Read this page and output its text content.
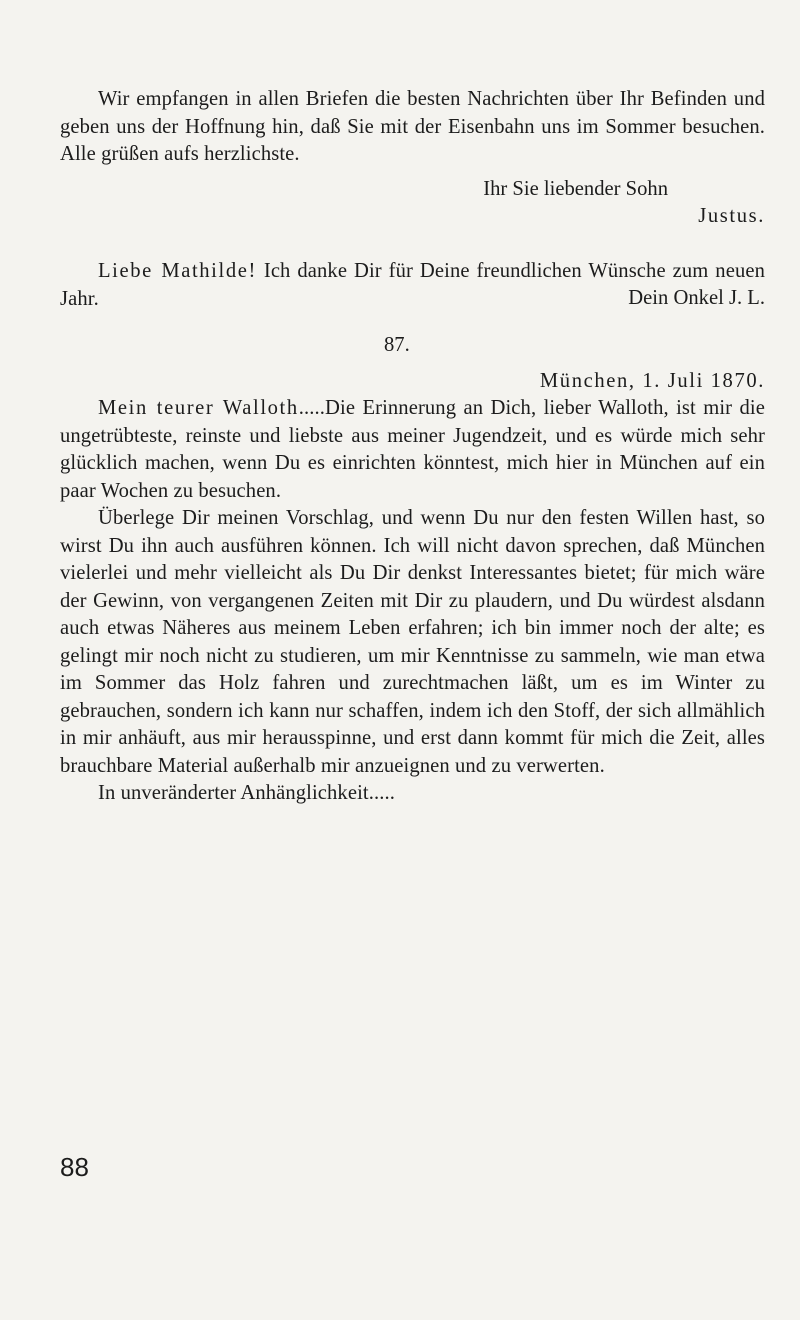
Wir empfangen in allen Briefen die besten Nachrichten über Ihr Befinden und geben uns der Hoffnung hin, daß Sie mit der Eisenbahn uns im Sommer besuchen. Alle grüßen aufs herzlichste.

Ihr Sie liebender Sohn
Justus.

Liebe Mathilde! Ich danke Dir für Deine freundlichen Wünsche zum neuen Jahr.	Dein Onkel J. L.
87.
München, 1. Juli 1870.

Mein teurer Walloth.....Die Erinnerung an Dich, lieber Walloth, ist mir die ungetrübteste, reinste und liebste aus meiner Jugendzeit, und es würde mich sehr glücklich machen, wenn Du es einrichten könntest, mich hier in München auf ein paar Wochen zu besuchen.

Überlege Dir meinen Vorschlag, und wenn Du nur den festen Willen hast, so wirst Du ihn auch ausführen können. Ich will nicht davon sprechen, daß München vielerlei und mehr vielleicht als Du Dir denkst Interessantes bietet; für mich wäre der Gewinn, von vergangenen Zeiten mit Dir zu plaudern, und Du würdest alsdann auch etwas Näheres aus meinem Leben erfahren; ich bin immer noch der alte; es gelingt mir noch nicht zu studieren, um mir Kenntnisse zu sammeln, wie man etwa im Sommer das Holz fahren und zurechtmachen läßt, um es im Winter zu gebrauchen, sondern ich kann nur schaffen, indem ich den Stoff, der sich allmählich in mir anhäuft, aus mir herausspinne, und erst dann kommt für mich die Zeit, alles brauchbare Material außerhalb mir anzueignen und zu verwerten.

In unveränderter Anhänglichkeit.....

88
